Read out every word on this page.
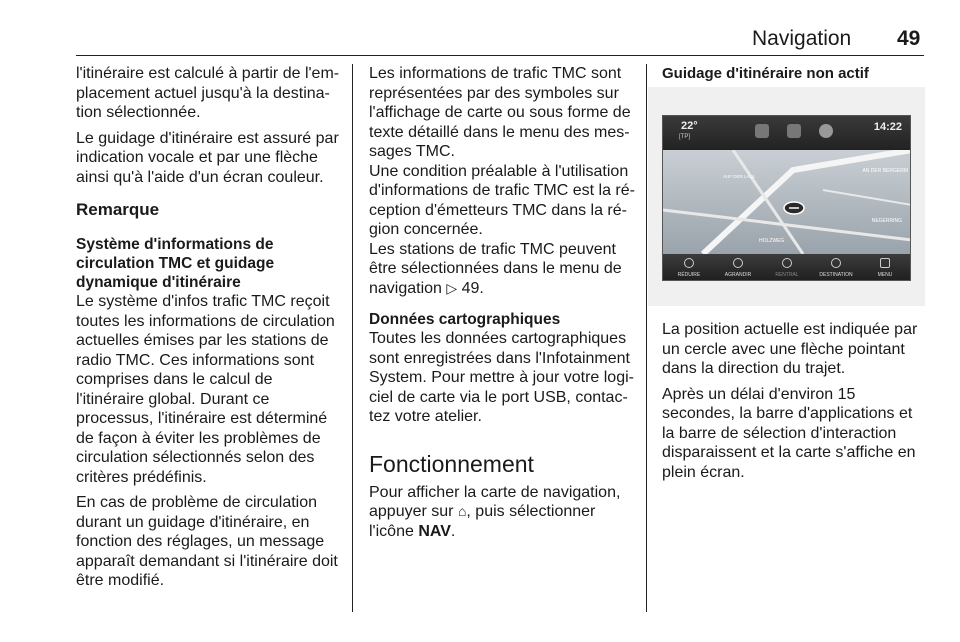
Navigation 49

l'itinéraire est calculé à partir de l'emplacement actuel jusqu'à la destination sélectionnée.

Le guidage d'itinéraire est assuré par indication vocale et par une flèche ainsi qu'à l'aide d'un écran couleur.

Remarque
Système d'informations de circulation TMC et guidage dynamique d'itinéraire

Le système d'infos trafic TMC reçoit toutes les informations de circulation actuelles émises par les stations de radio TMC. Ces informations sont comprises dans le calcul de l'itinéraire global. Durant ce processus, l'itinéraire est déterminé de façon à éviter les problèmes de circulation sélectionnés selon des critères prédéfinis.

En cas de problème de circulation durant un guidage d'itinéraire, en fonction des réglages, un message apparaît demandant si l'itinéraire doit être modifié.

Les informations de trafic TMC sont représentées par des symboles sur l'affichage de carte ou sous forme de texte détaillé dans le menu des messages TMC.

Une condition préalable à l'utilisation d'informations de trafic TMC est la réception d'émetteurs TMC dans la région concernée.

Les stations de trafic TMC peuvent être sélectionnées dans le menu de navigation ▷ 49.

Données cartographiques

Toutes les données cartographiques sont enregistrées dans l'Infotainment System. Pour mettre à jour votre logiciel de carte via le port USB, contactez votre atelier.

Fonctionnement

Pour afficher la carte de navigation, appuyer sur ⌂, puis sélectionner l'icône NAV.

Guidage d'itinéraire non actif
22°
[TP]
14:22
AN DER BERGERM
AUF DER LAUL
HOLZWEG
NEGERRING
RÉDUIRE	AGRANDIR	RENTRAL	DESTINATION	MENU

La position actuelle est indiquée par un cercle avec une flèche pointant dans la direction du trajet.

Après un délai d'environ 15 secondes, la barre d'applications et la barre de sélection d'interaction disparaissent et la carte s'affiche en plein écran.
